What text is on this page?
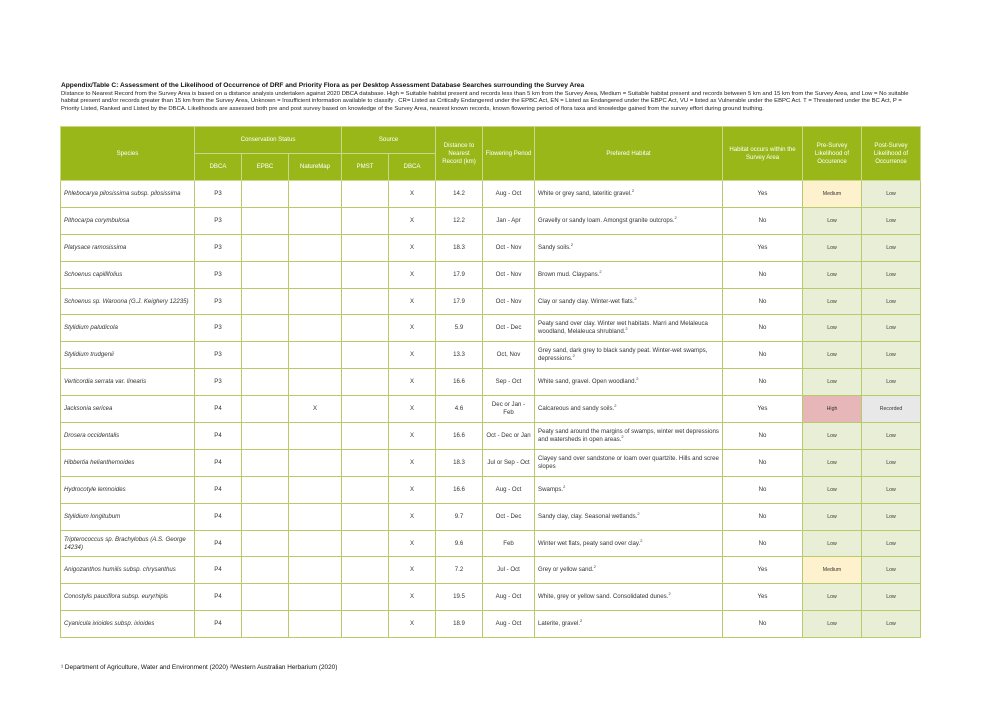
Appendix/Table C: Assessment of the Likelihood of Occurrence of DRF and Priority Flora as per Desktop Assessment Database Searches surrounding the Survey Area
Distance to Nearest Record from the Survey Area is based on a distance analysis undertaken against 2020 DBCA database. High = Suitable habitat present and records less than 5 km from the Survey Area, Medium = Suitable habitat present and records between 5 km and 15 km from the Survey Area, and Low = No suitable habitat present and/or records greater than 15 km from the Survey Area, Unknown = Insufficient information available to classify . CR= Listed as Critically Endangered under the EPBC Act, EN = Listed as Endangered under the EBPC Act, VU = listed as Vulnerable under the EBPC Act. T = Threatened under the BC Act, P = Priority Listed, Ranked and Listed by the DBCA. Likelihoods are assessed both pre and post survey based on knowledge of the Survey Area, nearest known records, known flowering period of flora taxa and knowledge gained from the survey effort during ground truthing.
Species	Conservation Status			Source		Distance to Nearest Record (km)	Flowering Period	Prefered Habitat	Habitat occurs within the Survey Area	Pre-Survey Likelihood of Occurence	Post-Survey Likelihood of Occurrence
	DBCA	EPBC	NatureMap	PMST	DBCA						
Phlebocarya pilosissima subsp. pilosissima	P3				X	14.2	Aug - Oct	White or grey sand, lateritic gravel.$^2$	Yes	Medium	Low
Pithocarpa corymbulosa	P3				X	12.2	Jan - Apr	Gravelly or sandy loam. Amongst granite outcrops.$^2$	No	Low	Low
Platysace ramosissima	P3				X	18.3	Oct - Nov	Sandy soils.$^2$	Yes	Low	Low
Schoenus capillifolius	P3				X	17.9	Oct - Nov	Brown mud. Claypans.$^2$	No	Low	Low
Schoenus sp. Waroona (G.J. Keighery 12235)	P3				X	17.9	Oct - Nov	Clay or sandy clay. Winter-wet flats.$^2$	No	Low	Low
Stylidium paludicola	P3				X	5.9	Oct - Dec	Peaty sand over clay. Winter wet habitats. Marri and Melaleuca woodland, Melaleuca shrubland.$^2$	No	Low	Low
Stylidium trudgenii	P3				X	13.3	Oct, Nov	Grey sand, dark grey to black sandy peat. Winter-wet swamps, depressions.$^2$	No	Low	Low
Verticordia serrata var. linearis	P3				X	16.6	Sep - Oct	White sand, gravel. Open woodland.$^2$	No	Low	Low
Jacksonia sericea	P4		X		X	4.6	Dec or Jan - Feb	Calcareous and sandy soils.$^2$	Yes	High	Recorded
Drosera occidentalis	P4				X	16.6	Oct - Dec or Jan	Peaty sand around the margins of swamps, winter wet depressions and watersheds in open areas.$^2$	No	Low	Low
Hibbertia helianthemoides	P4				X	18.3	Jul or Sep - Oct	Clayey sand over sandstone or loam over quartzite. Hills and scree slopes	No	Low	Low
Hydrocotyle lemnoides	P4				X	16.6	Aug - Oct	Swamps.$^2$	No	Low	Low
Stylidium longitubum	P4				X	9.7	Oct - Dec	Sandy clay, clay. Seasonal wetlands.$^2$	No	Low	Low
Tripterococcus sp. Brachylobus (A.S. George 14234)	P4				X	9.6	Feb	Winter wet flats, peaty sand over clay.$^2$	No	Low	Low
Anigozanthos humilis subsp. chrysanthus	P4				X	7.2	Jul - Oct	Grey or yellow sand.$^2$	Yes	Medium	Low
Conostylis pauciflora subsp. euryrhipis	P4				X	19.5	Aug - Oct	White, grey or yellow sand. Consolidated dunes.$^2$	Yes	Low	Low
Cyanicula ixioides subsp. ixioides	P4				X	18.9	Aug - Oct	Laterite, gravel.$^2$	No	Low	Low
¹ Department of Agriculture, Water and Environment (2020) ²Western Australian Herbarium (2020)
